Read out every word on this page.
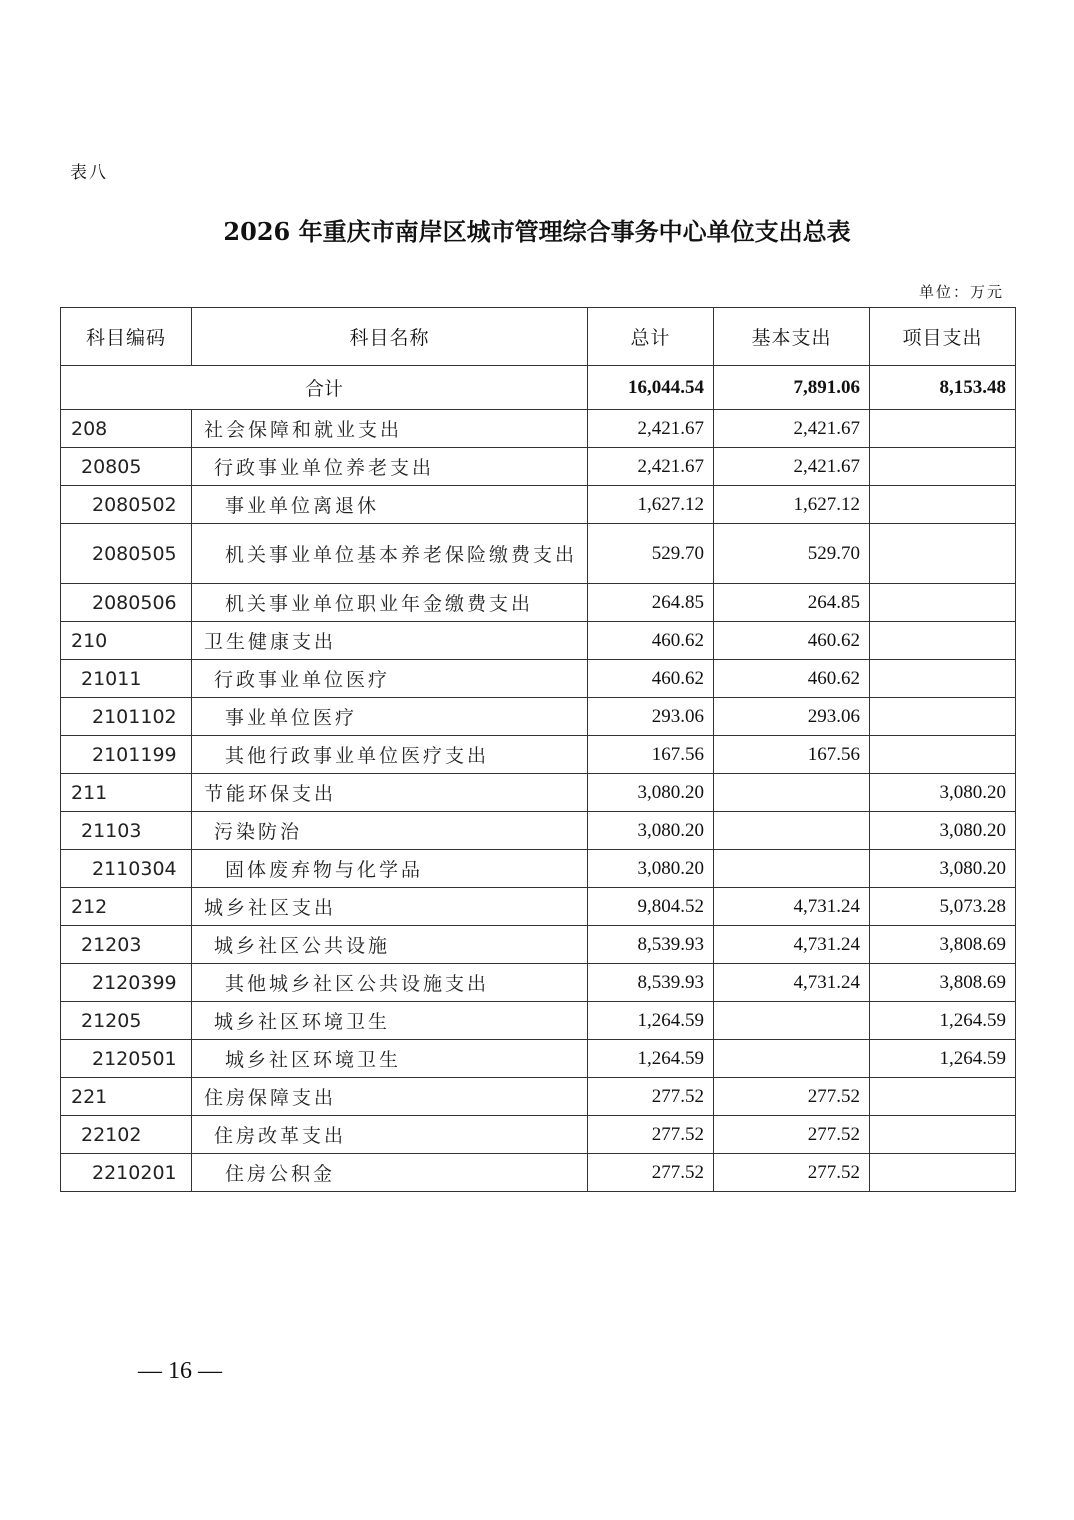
表八
2026 年重庆市南岸区城市管理综合事务中心单位支出总表
单位：万元
科目编码	科目名称	总计	基本支出	项目支出
合计		16,044.54	7,891.06	8,153.48
208	社会保障和就业支出	2,421.67	2,421.67	
20805	行政事业单位养老支出	2,421.67	2,421.67	
2080502	事业单位离退休	1,627.12	1,627.12	
2080505	机关事业单位基本养老保险缴费支出	529.70	529.70	
2080506	机关事业单位职业年金缴费支出	264.85	264.85	
210	卫生健康支出	460.62	460.62	
21011	行政事业单位医疗	460.62	460.62	
2101102	事业单位医疗	293.06	293.06	
2101199	其他行政事业单位医疗支出	167.56	167.56	
211	节能环保支出	3,080.20		3,080.20
21103	污染防治	3,080.20		3,080.20
2110304	固体废弃物与化学品	3,080.20		3,080.20
212	城乡社区支出	9,804.52	4,731.24	5,073.28
21203	城乡社区公共设施	8,539.93	4,731.24	3,808.69
2120399	其他城乡社区公共设施支出	8,539.93	4,731.24	3,808.69
21205	城乡社区环境卫生	1,264.59		1,264.59
2120501	城乡社区环境卫生	1,264.59		1,264.59
221	住房保障支出	277.52	277.52	
22102	住房改革支出	277.52	277.52	
2210201	住房公积金	277.52	277.52	
— 16 —
